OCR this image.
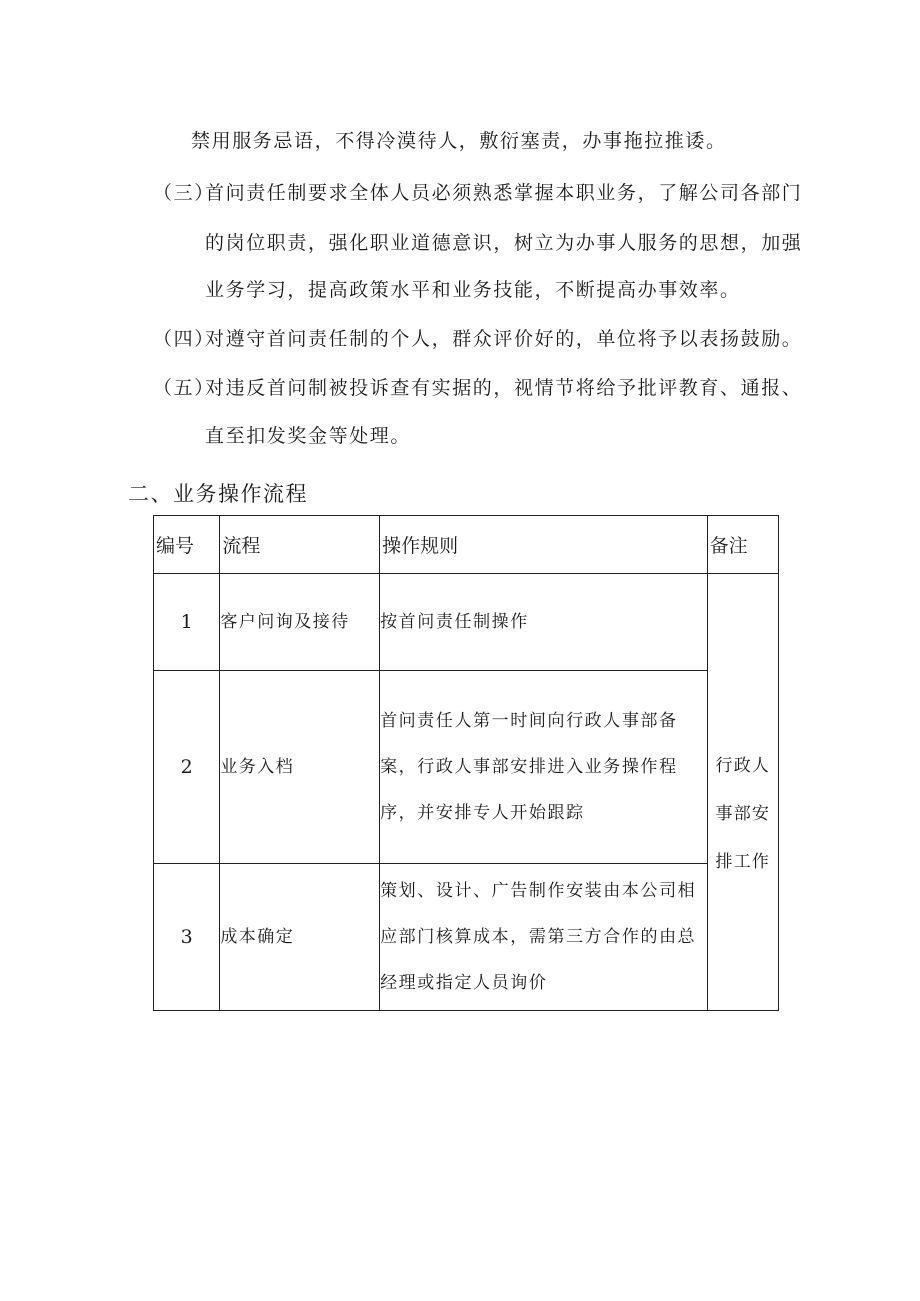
禁用服务忌语，不得冷漠待人，敷衍塞责，办事拖拉推诿。
（三）首问责任制要求全体人员必须熟悉掌握本职业务，了解公司各部门
的岗位职责，强化职业道德意识，树立为办事人服务的思想，加强
业务学习，提高政策水平和业务技能，不断提高办事效率。
（四）对遵守首问责任制的个人，群众评价好的，单位将予以表扬鼓励。
（五）对违反首问制被投诉查有实据的，视情节将给予批评教育、通报、
直至扣发奖金等处理。
二、业务操作流程
编号	流程	操作规则	备注
1	客户问询及接待	按首问责任制操作	行政人事部安排工作

2	业务入档	首问责任人第一时间向行政人事部备案，行政人事部安排进入业务操作程序，并安排专人开始跟踪	
3	成本确定	策划、设计、广告制作安装由本公司相应部门核算成本，需第三方合作的由总经理或指定人员询价	
